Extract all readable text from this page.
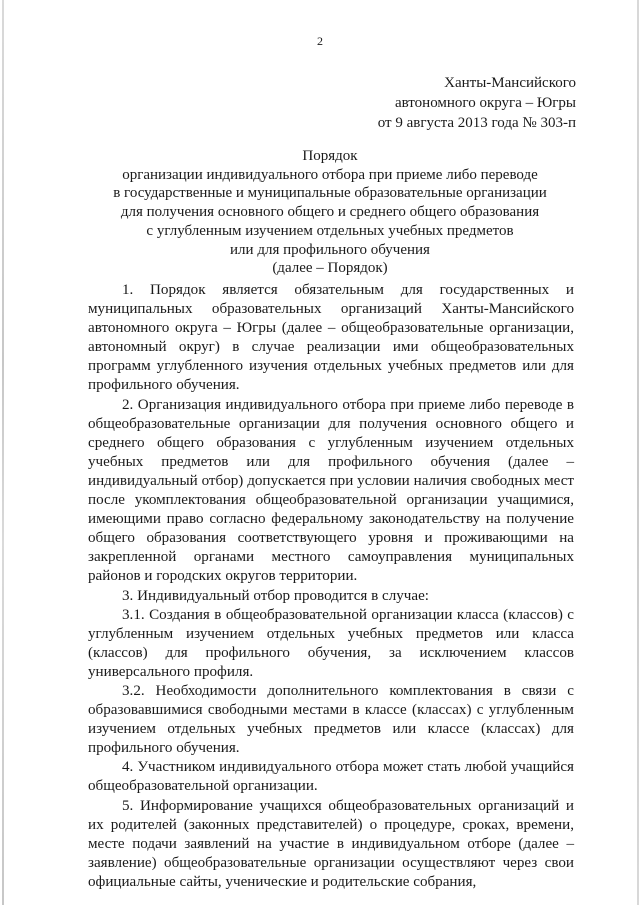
2
Ханты-Мансийского
автономного округа – Югры
от 9 августа 2013 года № 303-п
Порядок
организации индивидуального отбора при приеме либо переводе
в государственные и муниципальные образовательные организации
для получения основного общего и среднего общего образования
с углубленным изучением отдельных учебных предметов
или для профильного обучения
(далее – Порядок)

1. Порядок является обязательным для государственных и муниципальных образовательных организаций Ханты-Мансийского автономного округа – Югры (далее – общеобразовательные организации, автономный округ) в случае реализации ими общеобразовательных программ углубленного изучения отдельных учебных предметов или для профильного обучения.

2. Организация индивидуального отбора при приеме либо переводе в общеобразовательные организации для получения основного общего и среднего общего образования с углубленным изучением отдельных учебных предметов или для профильного обучения (далее – индивидуальный отбор) допускается при условии наличия свободных мест после укомплектования общеобразовательной организации учащимися, имеющими право согласно федеральному законодательству на получение общего образования соответствующего уровня и проживающими на закрепленной органами местного самоуправления муниципальных районов и городских округов территории.

3. Индивидуальный отбор проводится в случае:

3.1. Создания в общеобразовательной организации класса (классов) с углубленным изучением отдельных учебных предметов или класса (классов) для профильного обучения, за исключением классов универсального профиля.

3.2. Необходимости дополнительного комплектования в связи с образовавшимися свободными местами в классе (классах) с углубленным изучением отдельных учебных предметов или классе (классах) для профильного обучения.

4. Участником индивидуального отбора может стать любой учащийся общеобразовательной организации.

5. Информирование учащихся общеобразовательных организаций и их родителей (законных представителей) о процедуре, сроках, времени, месте подачи заявлений на участие в индивидуальном отборе (далее – заявление) общеобразовательные организации осуществляют через свои официальные сайты, ученические и родительские собрания,
